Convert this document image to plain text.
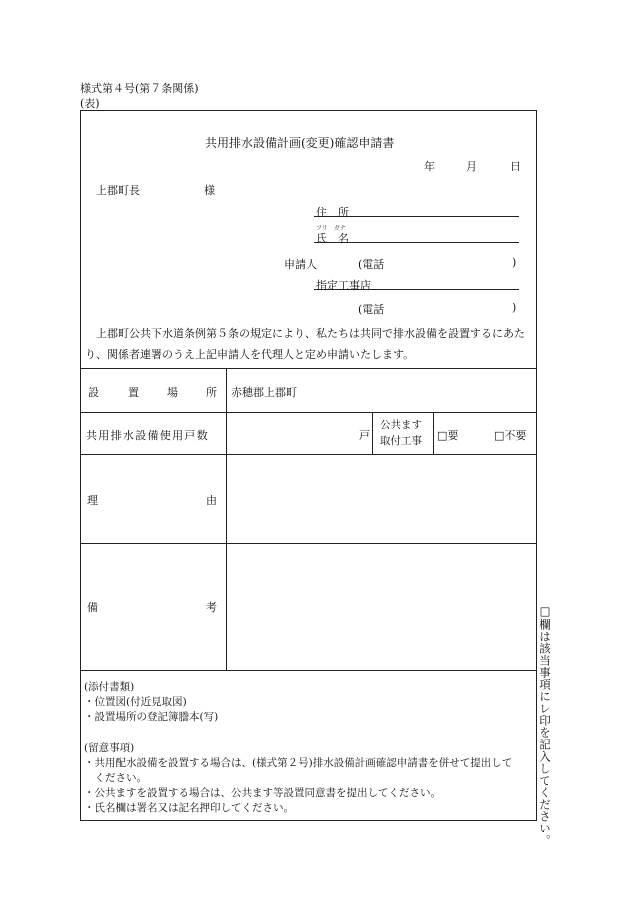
様式第４号(第７条関係)
(表)
共用排水設備計画(変更)確認申請書
年	月	日
上郡町長	様
住　所
フリ　ガナ
氏　名
申請人	(電話	)
指定工事店
(電話	)
上郡町公共下水道条例第５条の規定により、私たちは共同で排水設備を設置するにあた
り、関係者連署のうえ上記申請人を代理人と定め申請いたします。
設	置	場	所 赤穂郡上郡町
共用排水設備使用戸数	戸
公共ます
取付工事 □要	□不要
理	由
備	考
(添付書類)
・位置図(付近見取図)
・設置場所の登記簿謄本(写)
(留意事項)
・共用配水設備を設置する場合は、(様式第２号)排水設備計画確認申請書を併せて提出して
　ください。
・公共ますを設置する場合は、公共ます等設置同意書を提出してください。
・氏名欄は署名又は記名押印してください。	□欄は該当事項にレ印を記入してください。
